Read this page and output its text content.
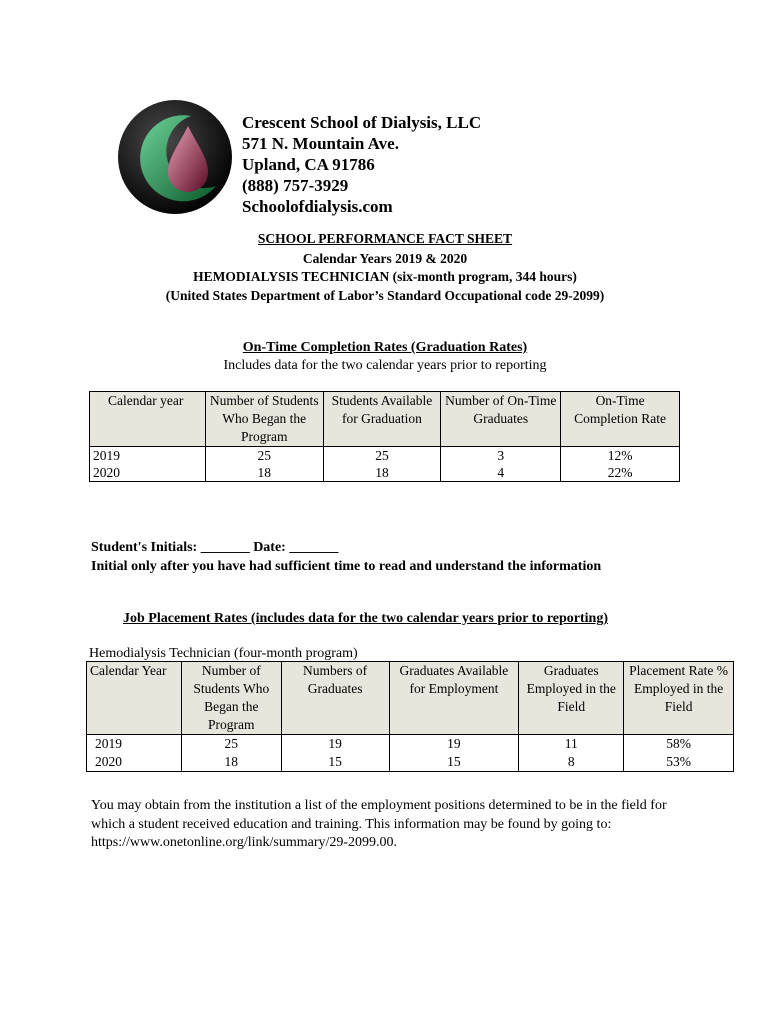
Crescent School of Dialysis, LLC
571 N. Mountain Ave.
Upland, CA 91786
(888) 757-3929
Schoolofdialysis.com
SCHOOL PERFORMANCE FACT SHEET
Calendar Years 2019 & 2020
HEMODIALYSIS TECHNICIAN (six-month program, 344 hours)
(United States Department of Labor’s Standard Occupational code 29-2099)
On-Time Completion Rates (Graduation Rates)
Includes data for the two calendar years prior to reporting
Calendar year	Number of Students Who Began the Program	Students Available for Graduation	Number of On-Time Graduates	On-Time Completion Rate
2019	25	25	3	12%
2020	18	18	4	22%
Student's Initials: _______ Date: _______
Initial only after you have had sufficient time to read and understand the information
Job Placement Rates (includes data for the two calendar years prior to reporting)
Hemodialysis Technician (four-month program)
Calendar Year	Number of Students Who Began the Program	Numbers of Graduates	Graduates Available for Employment	Graduates Employed in the Field	Placement Rate % Employed in the Field
2019	25	19	19	11	58%
2020	18	15	15	8	53%
You may obtain from the institution a list of the employment positions determined to be in the field for which a student received education and training. This information may be found by going to: https://www.onetonline.org/link/summary/29-2099.00.
